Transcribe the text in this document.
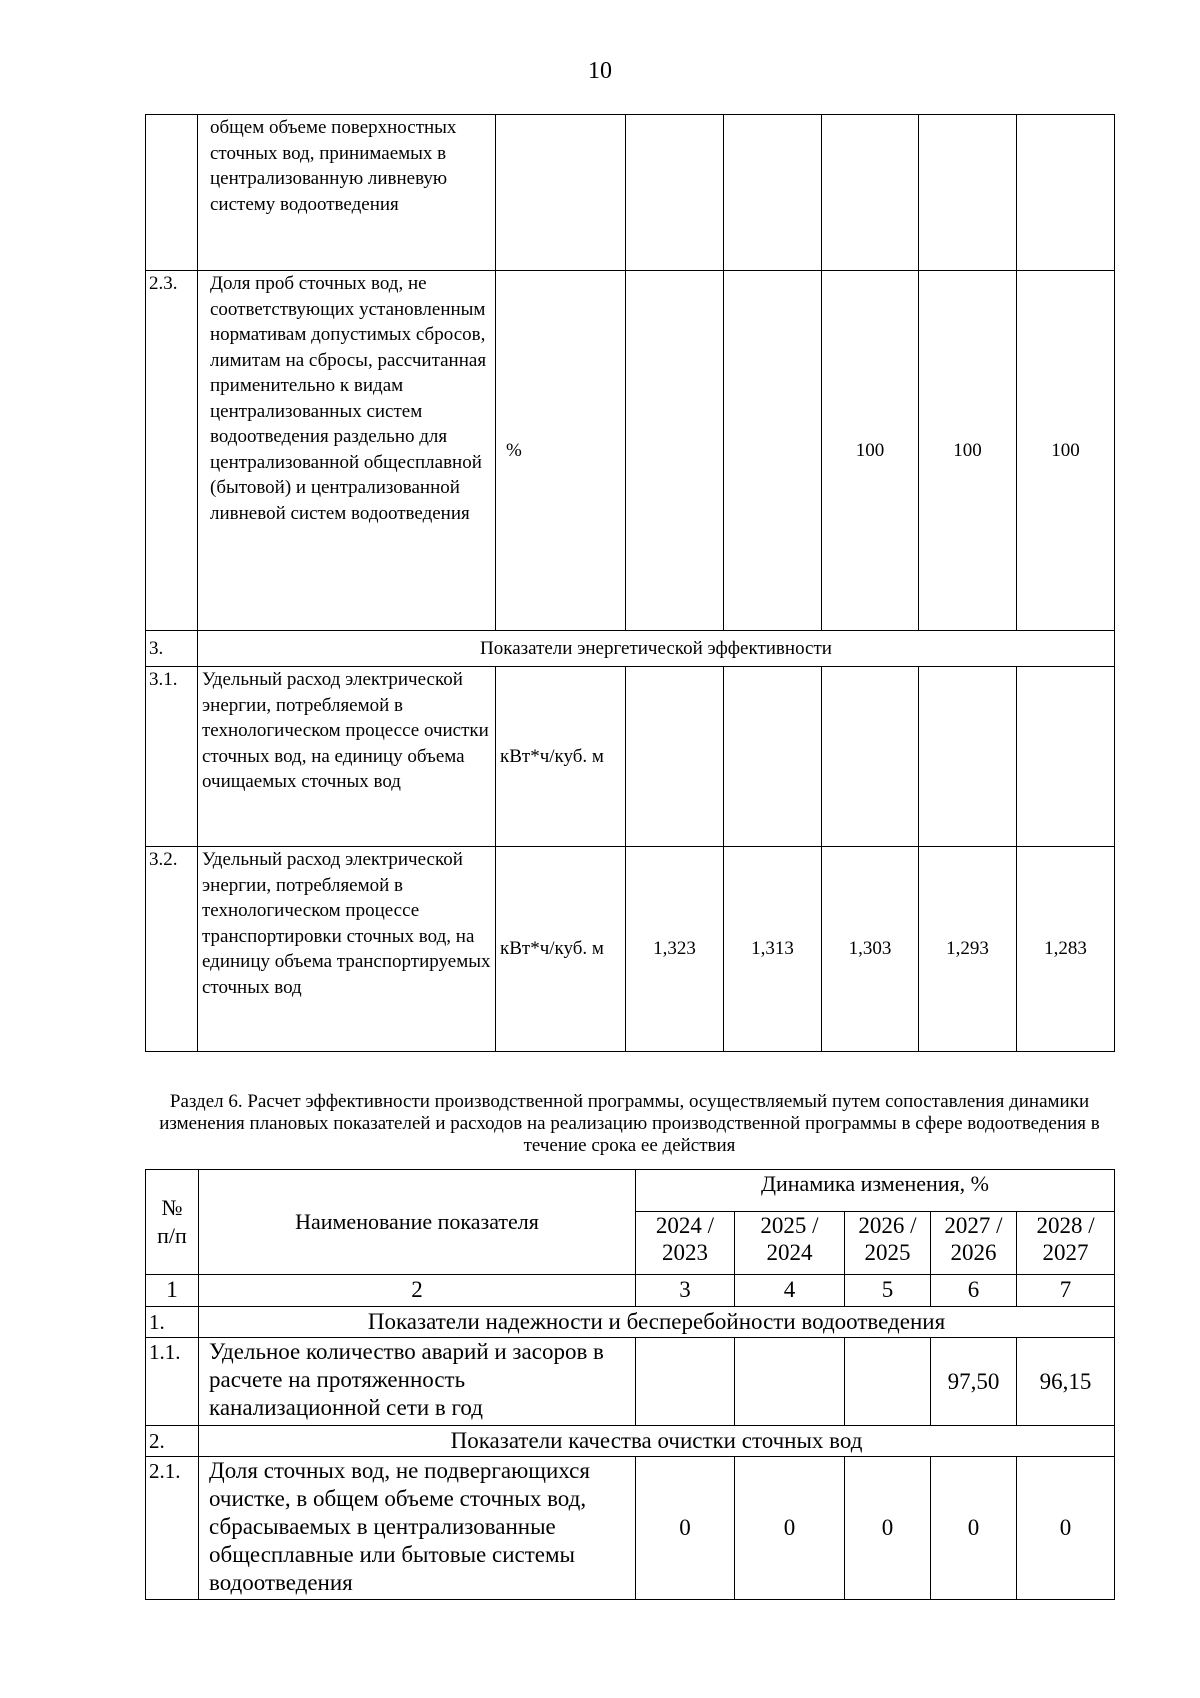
10
	общем объеме поверхностных сточных вод, принимаемых в централизованную ливневую систему водоотведения						
2.3.	Доля проб сточных вод, не соответствующих установленным нормативам допустимых сбросов, лимитам на сбросы, рассчитанная применительно к видам централизованных систем водоотведения раздельно для централизованной общесплавной (бытовой) и централизованной ливневой систем водоотведения	%			100	100	100
3.	Показатели энергетической эффективности						
3.1.	Удельный расход электрической энергии, потребляемой в технологическом процессе очистки сточных вод, на единицу объема очищаемых сточных вод	кВт*ч/куб. м					
3.2.	Удельный расход электрической энергии, потребляемой в технологическом процессе транспортировки сточных вод, на единицу объема транспортируемых сточных вод	кВт*ч/куб. м	1,323	1,313	1,303	1,293	1,283
Раздел 6. Расчет эффективности производственной программы, осуществляемый путем сопоставления динамики изменения плановых показателей и расходов на реализацию производственной программы в сфере водоотведения в течение срока ее действия
№ п/п	Наименование показателя	Динамика изменения, %				
		2024 / 2023	2025 / 2024	2026 / 2025	2027 / 2026	2028 / 2027
1	2	3	4	5	6	7
1.	Показатели надежности и бесперебойности водоотведения					
1.1.	Удельное количество аварий и засоров в расчете на протяженность канализационной сети в год				97,50	96,15
2.	Показатели качества очистки сточных вод					
2.1.	Доля сточных вод, не подвергающихся очистке, в общем объеме сточных вод, сбрасываемых в централизованные общесплавные или бытовые системы водоотведения	0	0	0	0	0
